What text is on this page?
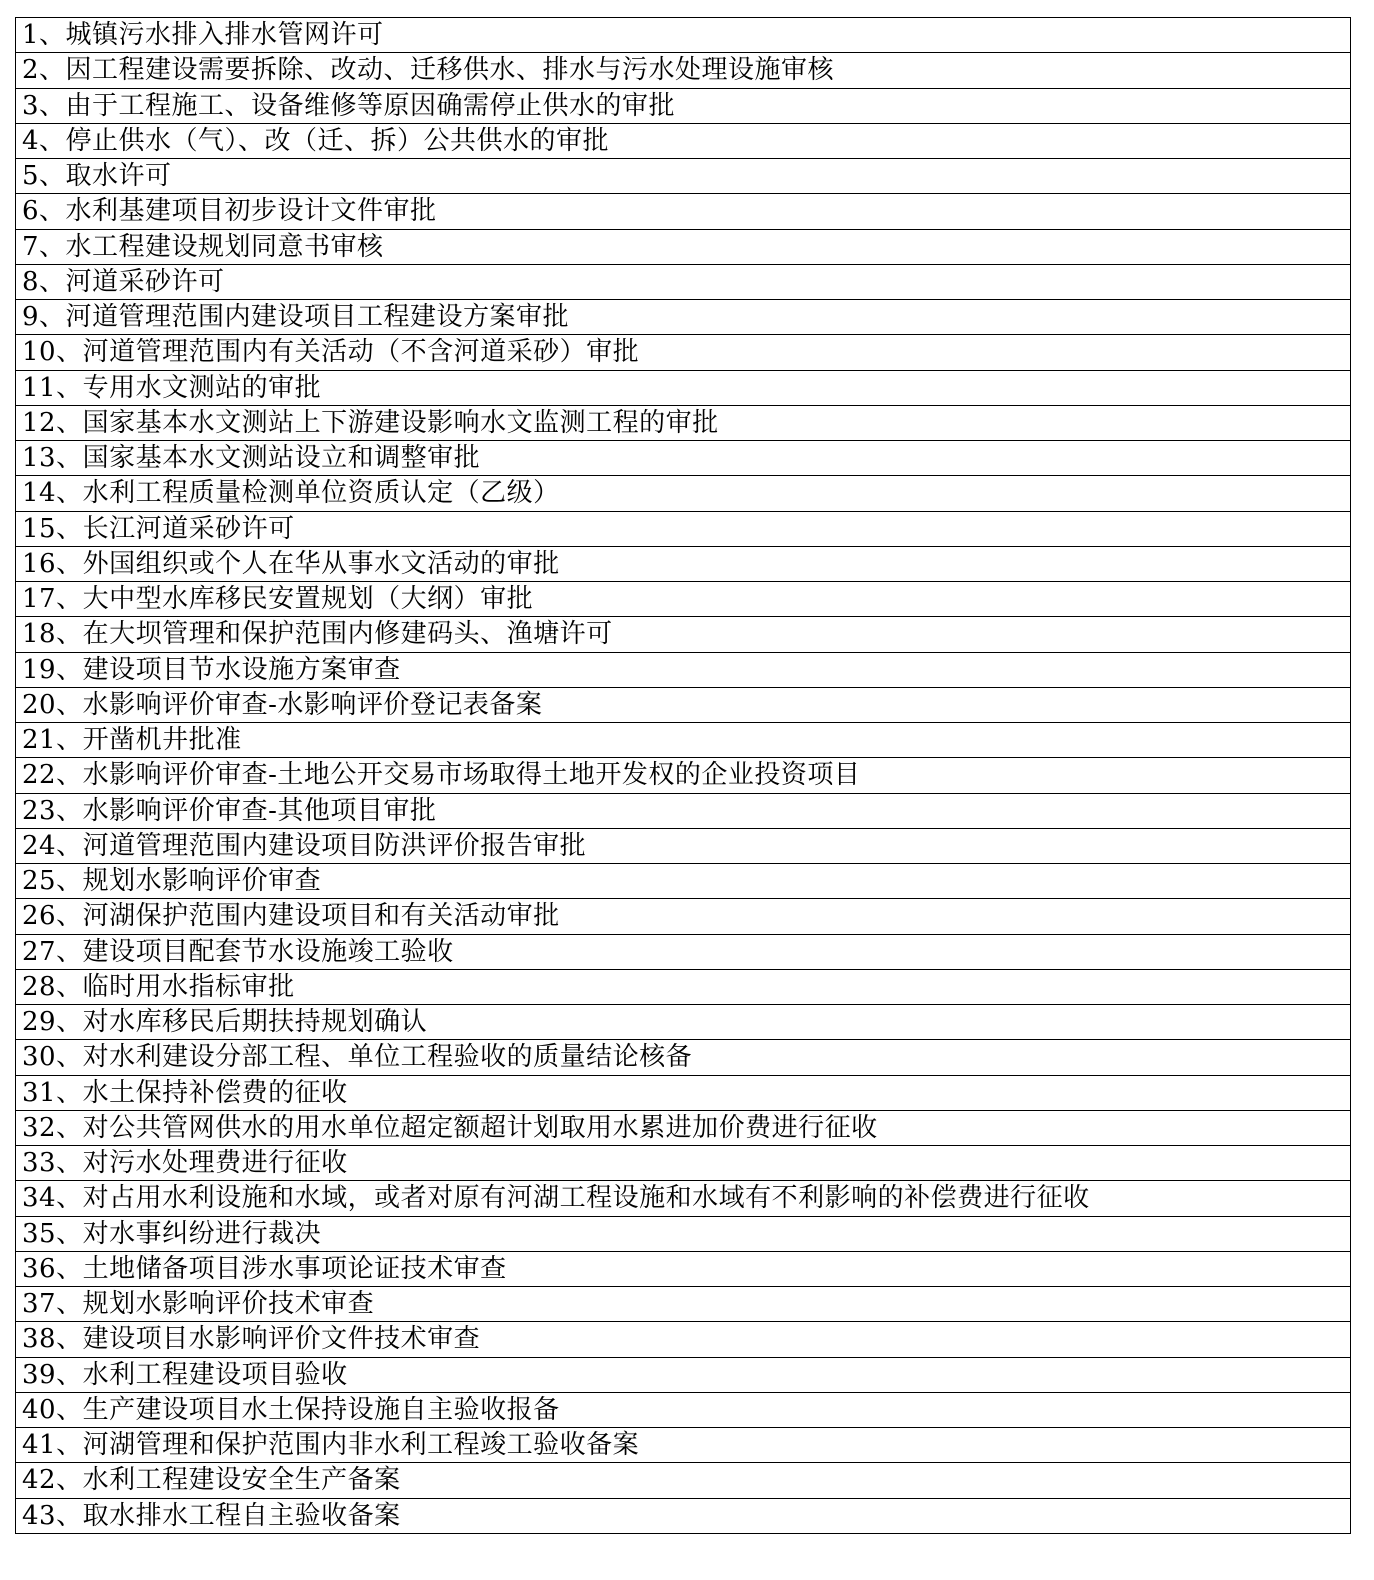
1、城镇污水排入排水管网许可
2、因工程建设需要拆除、改动、迁移供水、排水与污水处理设施审核
3、由于工程施工、设备维修等原因确需停止供水的审批
4、停止供水（气）、改（迁、拆）公共供水的审批
5、取水许可
6、水利基建项目初步设计文件审批
7、水工程建设规划同意书审核
8、河道采砂许可
9、河道管理范围内建设项目工程建设方案审批
10、河道管理范围内有关活动（不含河道采砂）审批
11、专用水文测站的审批
12、国家基本水文测站上下游建设影响水文监测工程的审批
13、国家基本水文测站设立和调整审批
14、水利工程质量检测单位资质认定（乙级）
15、长江河道采砂许可
16、外国组织或个人在华从事水文活动的审批
17、大中型水库移民安置规划（大纲）审批
18、在大坝管理和保护范围内修建码头、渔塘许可
19、建设项目节水设施方案审查
20、水影响评价审查-水影响评价登记表备案
21、开凿机井批准
22、水影响评价审查-土地公开交易市场取得土地开发权的企业投资项目
23、水影响评价审查-其他项目审批
24、河道管理范围内建设项目防洪评价报告审批
25、规划水影响评价审查
26、河湖保护范围内建设项目和有关活动审批
27、建设项目配套节水设施竣工验收
28、临时用水指标审批
29、对水库移民后期扶持规划确认
30、对水利建设分部工程、单位工程验收的质量结论核备
31、水土保持补偿费的征收
32、对公共管网供水的用水单位超定额超计划取用水累进加价费进行征收
33、对污水处理费进行征收
34、对占用水利设施和水域，或者对原有河湖工程设施和水域有不利影响的补偿费进行征收
35、对水事纠纷进行裁决
36、土地储备项目涉水事项论证技术审查
37、规划水影响评价技术审查
38、建设项目水影响评价文件技术审查
39、水利工程建设项目验收
40、生产建设项目水土保持设施自主验收报备
41、河湖管理和保护范围内非水利工程竣工验收备案
42、水利工程建设安全生产备案
43、取水排水工程自主验收备案
